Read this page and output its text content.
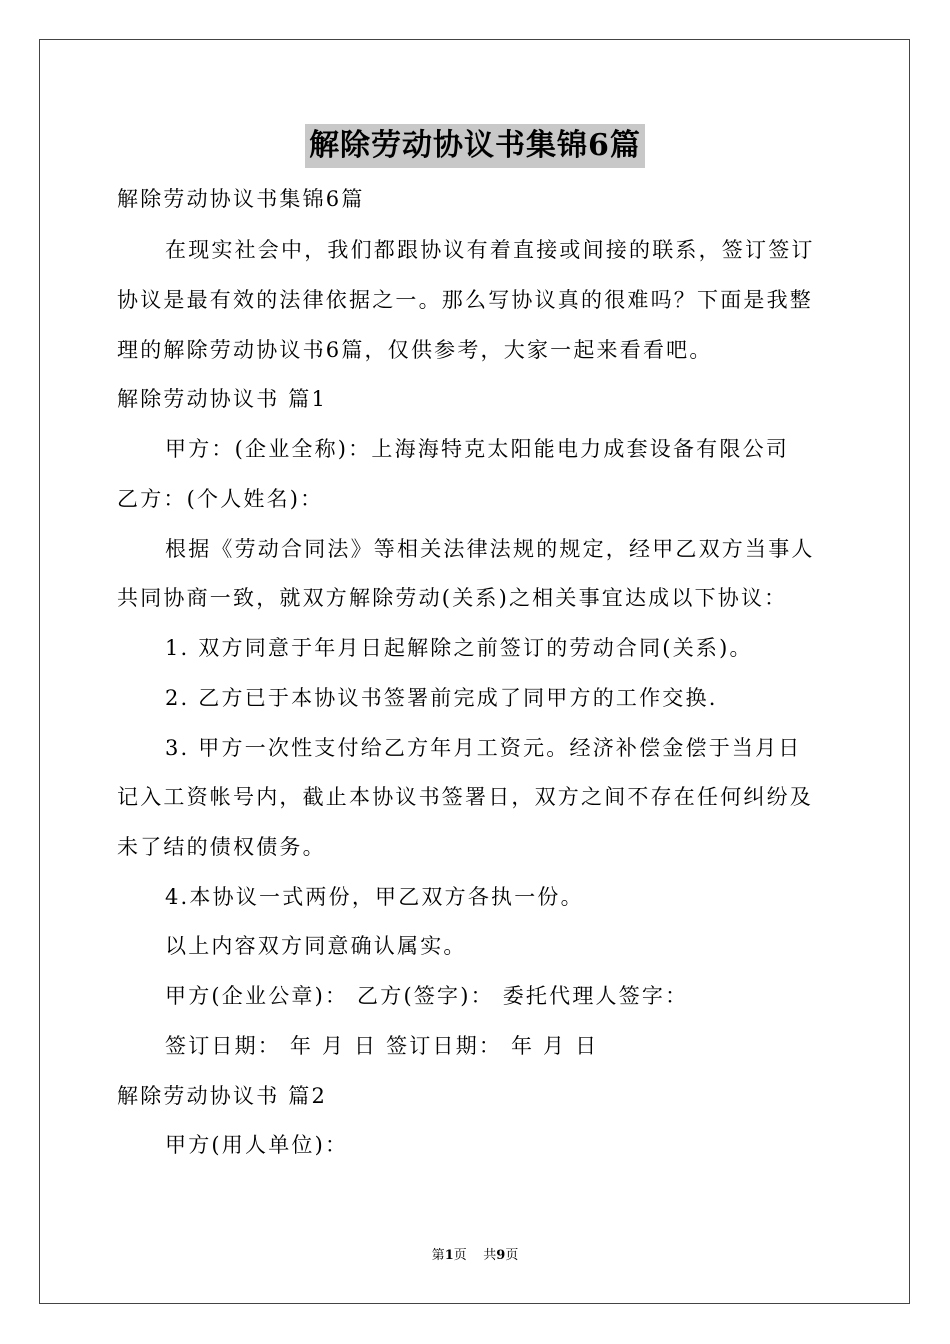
解除劳动协议书集锦6篇
解除劳动协议书集锦6篇
在现实社会中，我们都跟协议有着直接或间接的联系，签订签订
协议是最有效的法律依据之一。那么写协议真的很难吗？下面是我整
理的解除劳动协议书6篇，仅供参考，大家一起来看看吧。
解除劳动协议书 篇1
甲方：(企业全称)：上海海特克太阳能电力成套设备有限公司
乙方：(个人姓名)：
根据《劳动合同法》等相关法律法规的规定，经甲乙双方当事人
共同协商一致，就双方解除劳动(关系)之相关事宜达成以下协议：
1. 双方同意于年月日起解除之前签订的劳动合同(关系)。
2. 乙方已于本协议书签署前完成了同甲方的工作交换.
3. 甲方一次性支付给乙方年月工资元。经济补偿金偿于当月日
记入工资帐号内，截止本协议书签署日，双方之间不存在任何纠纷及
未了结的债权债务。
4.本协议一式两份，甲乙双方各执一份。
以上内容双方同意确认属实。
甲方(企业公章)： 乙方(签字)： 委托代理人签字：
签订日期： 年 月 日 签订日期： 年 月 日
解除劳动协议书 篇2
甲方(用人单位)：
第1页    共9页
